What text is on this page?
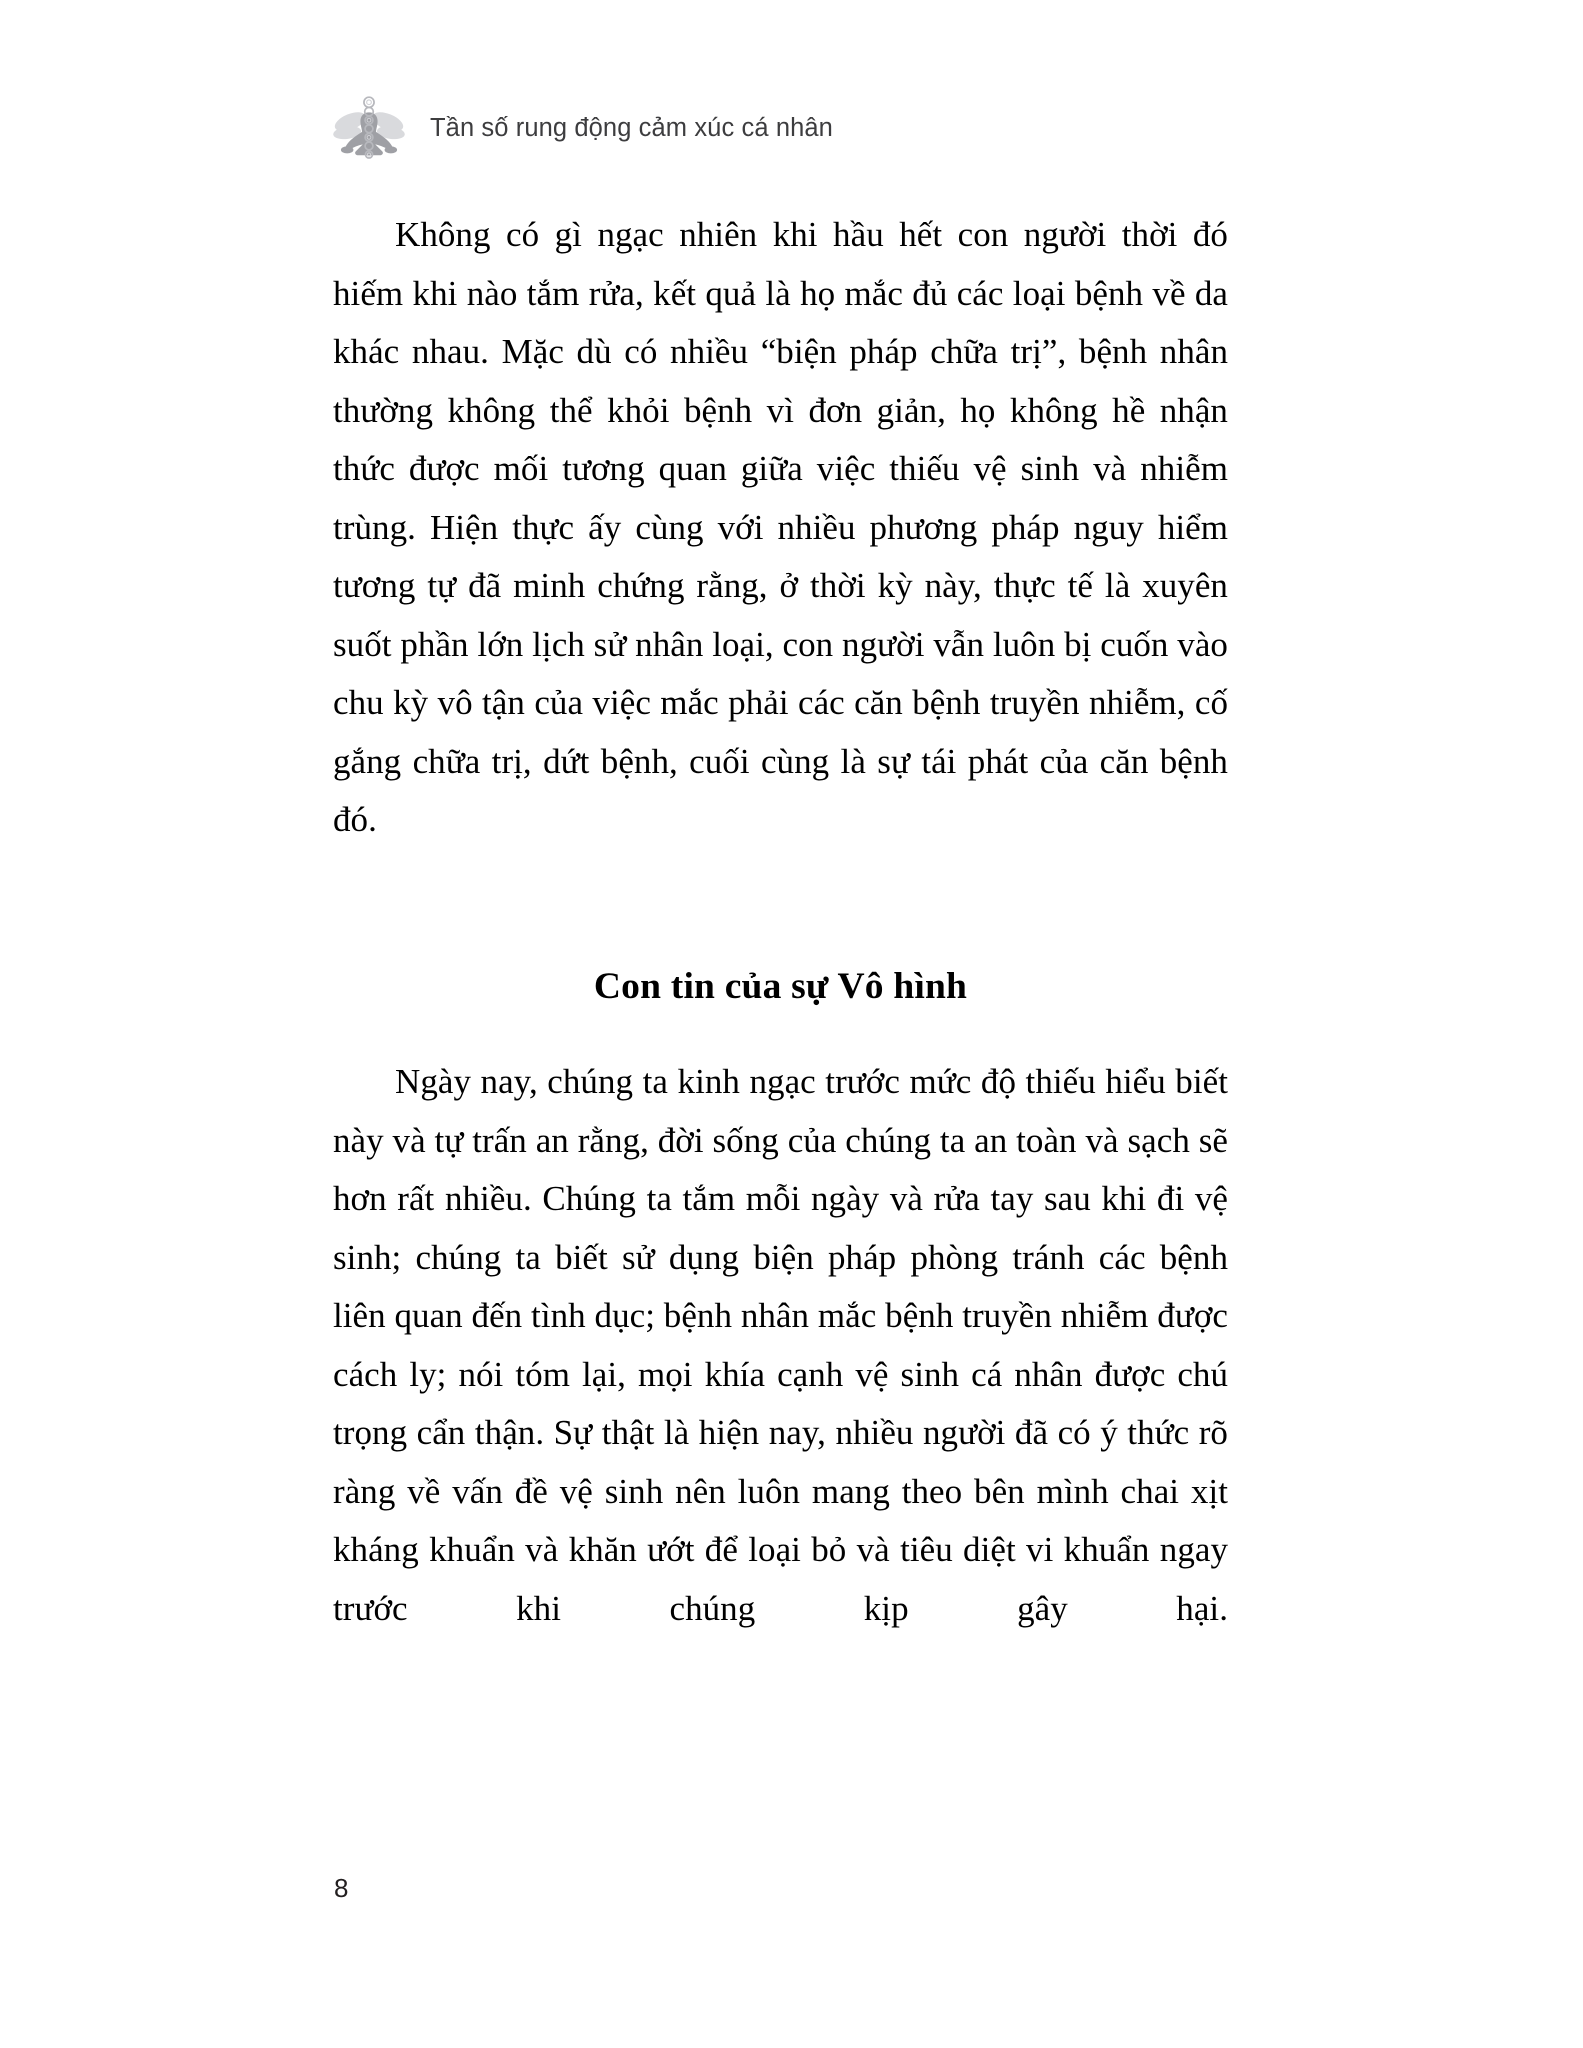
Tần số rung động cảm xúc cá nhân

Không có gì ngạc nhiên khi hầu hết con người thời đó hiếm khi nào tắm rửa, kết quả là họ mắc đủ các loại bệnh về da khác nhau. Mặc dù có nhiều “biện pháp chữa trị”, bệnh nhân thường không thể khỏi bệnh vì đơn giản, họ không hề nhận thức được mối tương quan giữa việc thiếu vệ sinh và nhiễm trùng. Hiện thực ấy cùng với nhiều phương pháp nguy hiểm tương tự đã minh chứng rằng, ở thời kỳ này, thực tế là xuyên suốt phần lớn lịch sử nhân loại, con người vẫn luôn bị cuốn vào chu kỳ vô tận của việc mắc phải các căn bệnh truyền nhiễm, cố gắng chữa trị, dứt bệnh, cuối cùng là sự tái phát của căn bệnh đó.

Con tin của sự Vô hình

Ngày nay, chúng ta kinh ngạc trước mức độ thiếu hiểu biết này và tự trấn an rằng, đời sống của chúng ta an toàn và sạch sẽ hơn rất nhiều. Chúng ta tắm mỗi ngày và rửa tay sau khi đi vệ sinh; chúng ta biết sử dụng biện pháp phòng tránh các bệnh liên quan đến tình dục; bệnh nhân mắc bệnh truyền nhiễm được cách ly; nói tóm lại, mọi khía cạnh vệ sinh cá nhân được chú trọng cẩn thận. Sự thật là hiện nay, nhiều người đã có ý thức rõ ràng về vấn đề vệ sinh nên luôn mang theo bên mình chai xịt kháng khuẩn và khăn ướt để loại bỏ và tiêu diệt vi khuẩn ngay trước khi chúng kịp gây hại.

8
